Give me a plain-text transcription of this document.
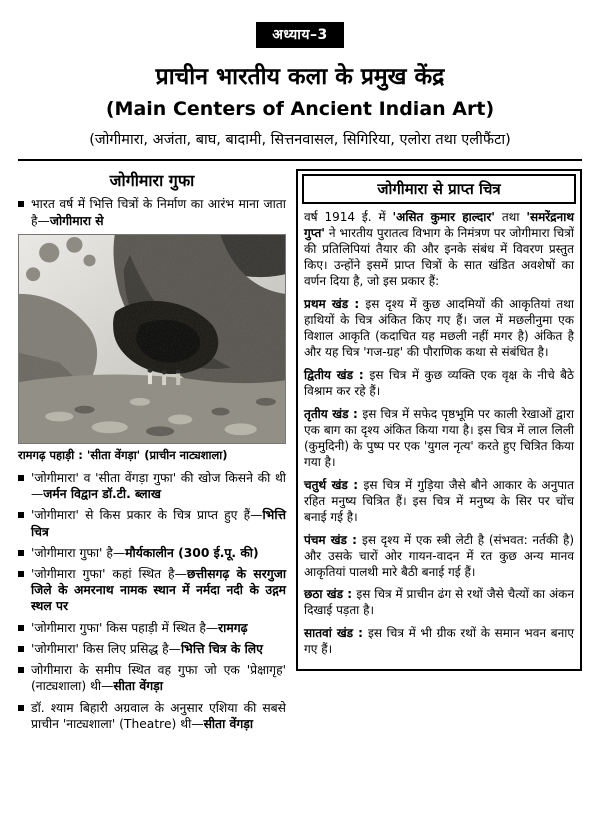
अध्याय–3
प्राचीन भारतीय कला के प्रमुख केंद्र
(Main Centers of Ancient Indian Art)
(जोगीमारा, अजंता, बाघ, बादामी, सित्तनवासल, सिगिरिया, एलोरा तथा एलीफैंटा)
जोगीमारा गुफा
भारत वर्ष में भित्ति चित्रों के निर्माण का आरंभ माना जाता है—जोगीमारा से
रामगढ़ पहाड़ी : 'सीता वेंगड़ा' (प्राचीन नाट्यशाला)
'जोगीमारा' व 'सीता वेंगड़ा गुफा' की खोज किसने की थी—जर्मन विद्वान डॉ.टी. ब्लाख
'जोगीमारा' से किस प्रकार के चित्र प्राप्त हुए हैं—भित्ति चित्र
'जोगीमारा गुफा' है—मौर्यकालीन (300 ई.पू. की)
'जोगीमारा गुफा' कहां स्थित है—छत्तीसगढ़ के सरगुजा जिले के अमरनाथ नामक स्थान में नर्मदा नदी के उद्गम स्थल पर
'जोगीमारा गुफा' किस पहाड़ी में स्थित है—रामगढ़
'जोगीमारा' किस लिए प्रसिद्ध है—भित्ति चित्र के लिए
जोगीमारा के समीप स्थित वह गुफा जो एक 'प्रेक्षागृह' (नाट्यशाला) थी—सीता वेंगड़ा
डॉ. श्याम बिहारी अग्रवाल के अनुसार एशिया की सबसे प्राचीन 'नाट्यशाला' (Theatre) थी—सीता वेंगड़ा
जोगीमारा से प्राप्त चित्र

वर्ष 1914 ई. में 'असित कुमार हाल्दार' तथा 'समरेंद्रनाथ गुप्त' ने भारतीय पुरातत्व विभाग के निमंत्रण पर जोगीमारा चित्रों की प्रतिलिपियां तैयार की और इनके संबंध में विवरण प्रस्तुत किए। उन्होंने इसमें प्राप्त चित्रों के सात खंडित अवशेषों का वर्णन दिया है, जो इस प्रकार हैं:

प्रथम खंड : इस दृश्य में कुछ आदमियों की आकृतियां तथा हाथियों के चित्र अंकित किए गए हैं। जल में मछलीनुमा एक विशाल आकृति (कदाचित यह मछली नहीं मगर है) अंकित है और यह चित्र 'गज-ग्रह' की पौराणिक कथा से संबंधित है।

द्वितीय खंड : इस चित्र में कुछ व्यक्ति एक वृक्ष के नीचे बैठे विश्राम कर रहे हैं।

तृतीय खंड : इस चित्र में सफेद पृष्ठभूमि पर काली रेखाओं द्वारा एक बाग का दृश्य अंकित किया गया है। इस चित्र में लाल लिली (कुमुदिनी) के पुष्प पर एक 'युगल नृत्य' करते हुए चित्रित किया गया है।

चतुर्थ खंड : इस चित्र में गुड़िया जैसे बौने आकार के अनुपात रहित मनुष्य चित्रित हैं। इस चित्र में मनुष्य के सिर पर चोंच बनाई गई है।

पंचम खंड : इस दृश्य में एक स्त्री लेटी है (संभवत: नर्तकी है) और उसके चारों ओर गायन-वादन में रत कुछ अन्य मानव आकृतियां पालथी मारे बैठी बनाई गई हैं।

छठा खंड : इस चित्र में प्राचीन ढंग से रथों जैसे चैत्यों का अंकन दिखाई पड़ता है।

सातवां खंड : इस चित्र में भी ग्रीक रथों के समान भवन बनाए गए हैं।
